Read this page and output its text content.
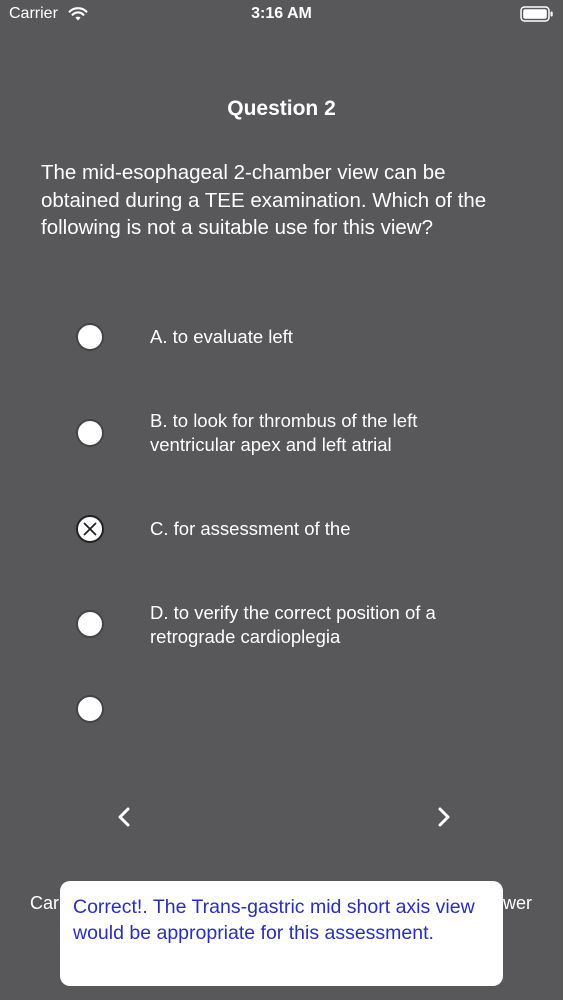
Carrier	3:16 AM
Question 2
The mid-esophageal 2-chamber view can be obtained during a TEE examination. Which of the following is not a suitable use for this view?
A. to evaluate left
B. to look for thrombus of the left ventricular apex and left atrial
C. for assessment of the
D. to verify the correct position of a retrograde cardioplegia
Car	wer
Correct!. The Trans-gastric mid short axis view would be appropriate for this assessment.
